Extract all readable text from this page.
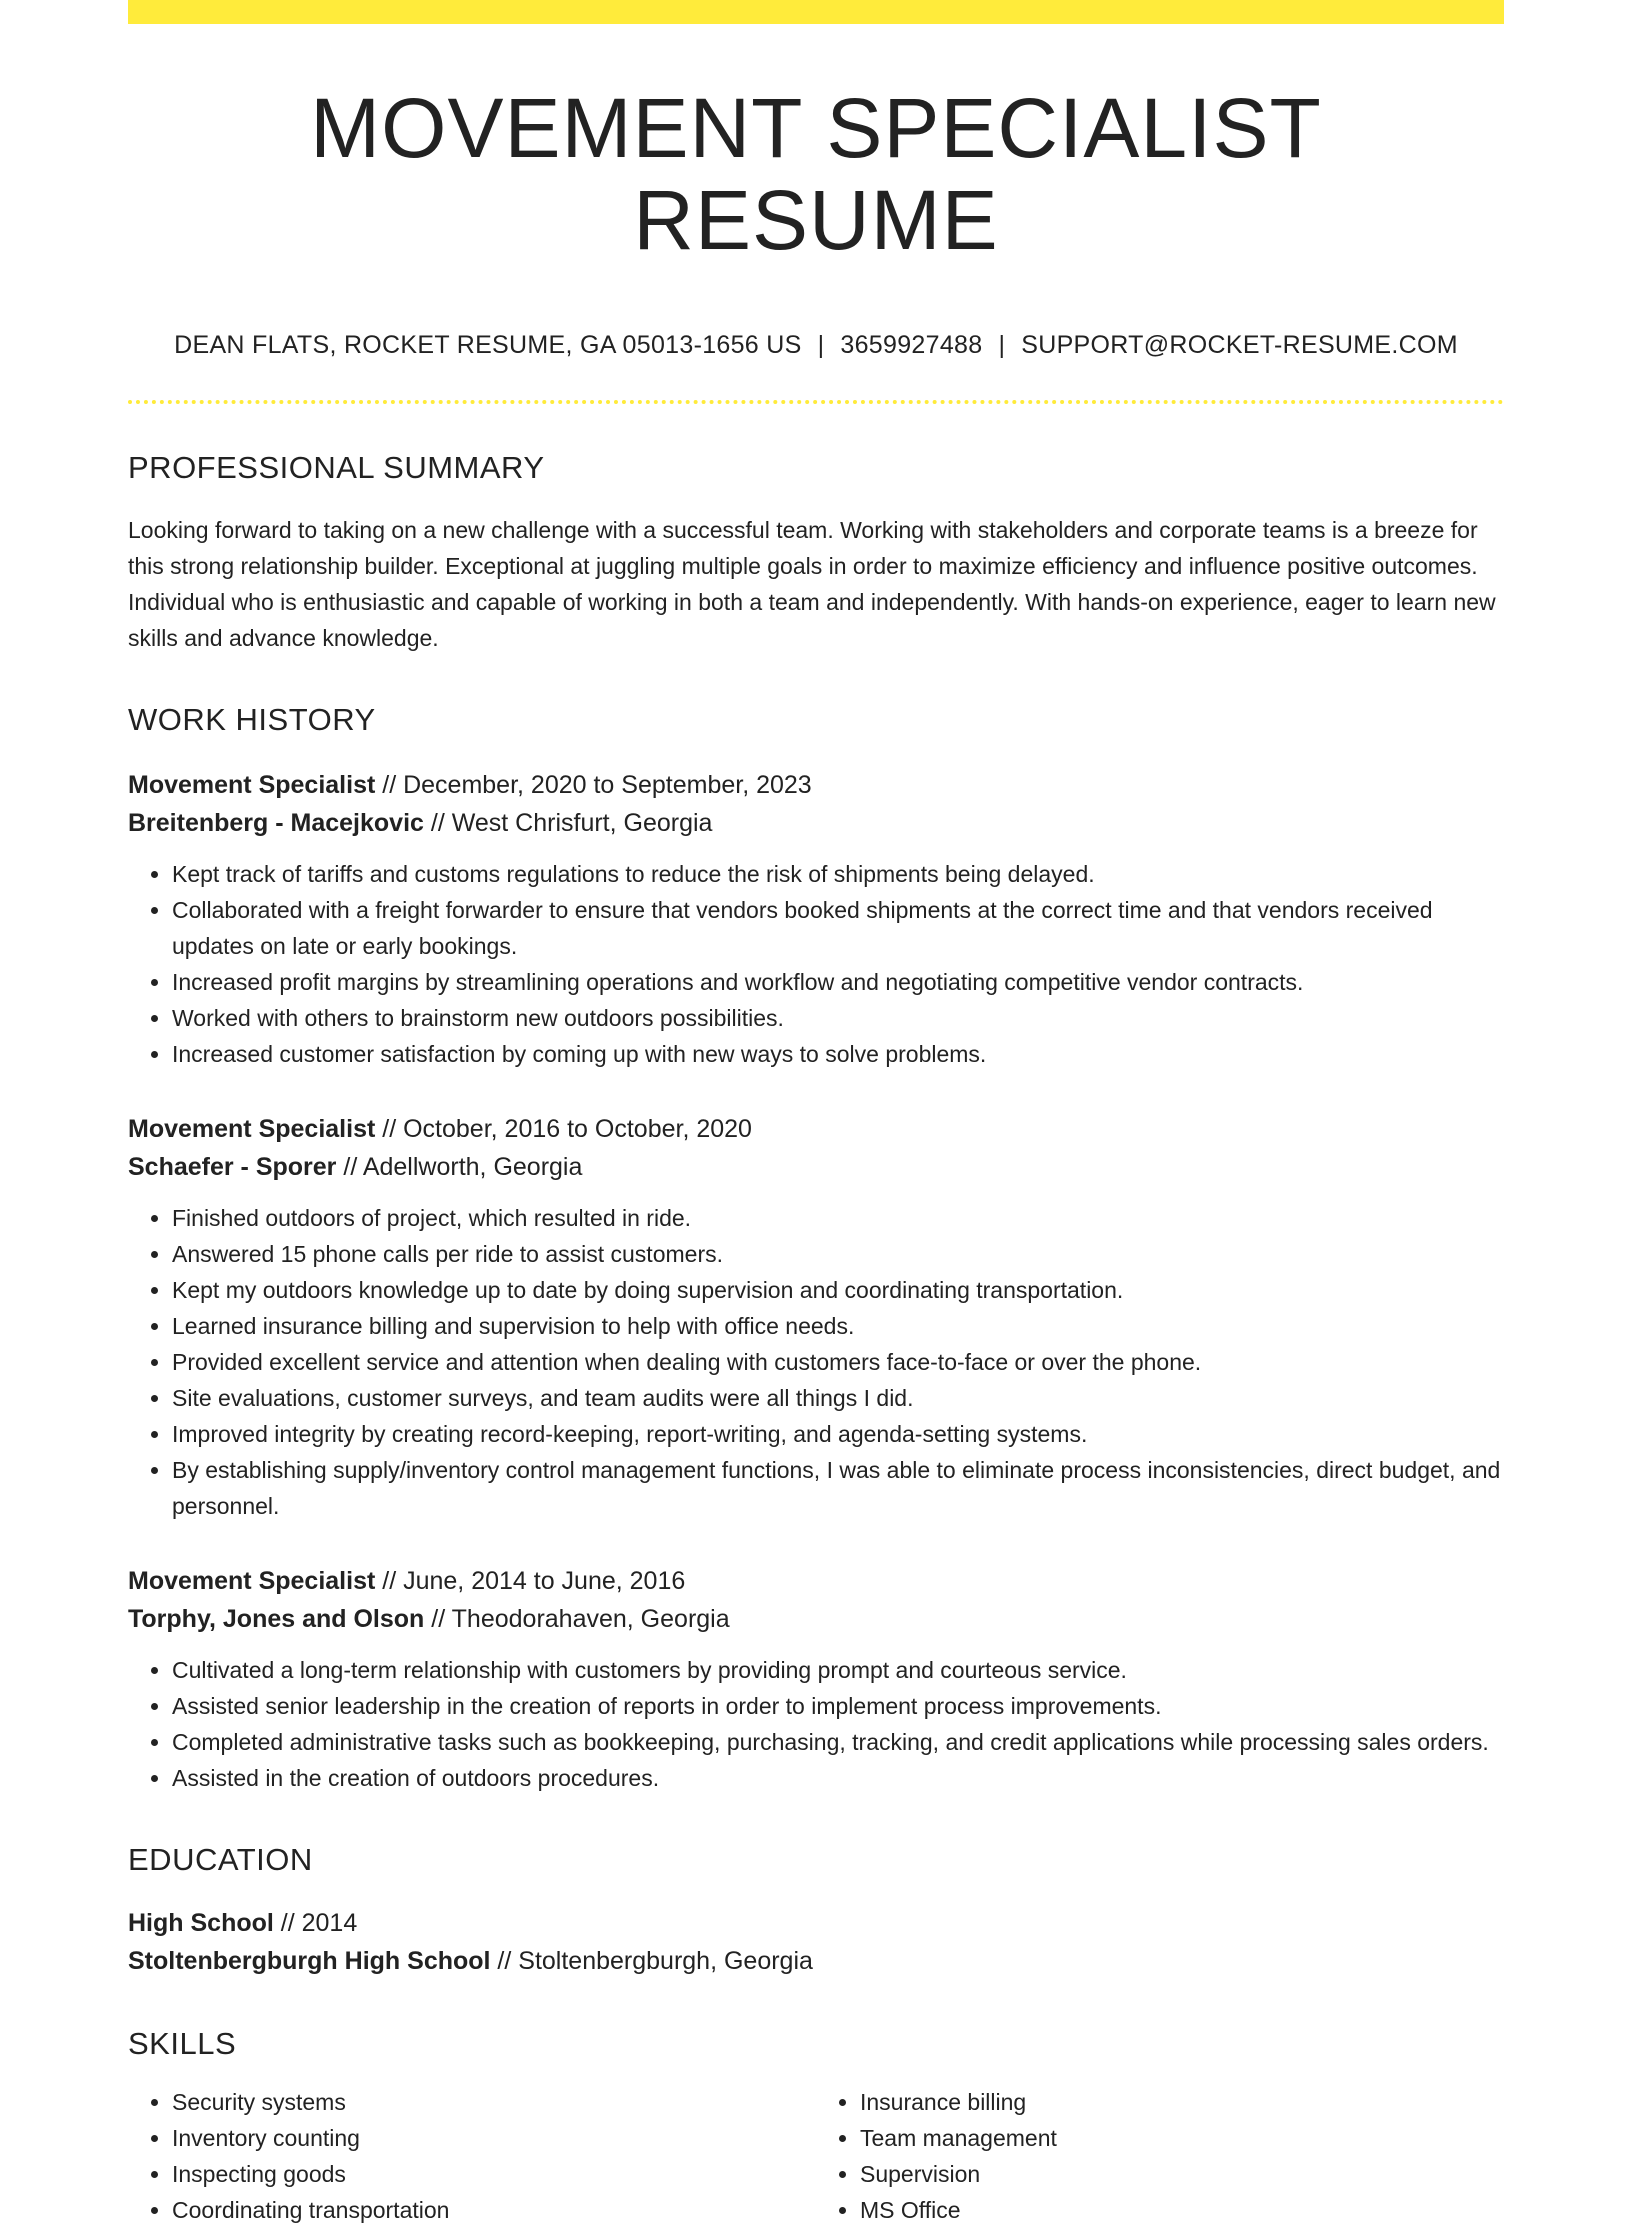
MOVEMENT SPECIALIST RESUME
DEAN FLATS, ROCKET RESUME, GA 05013-1656 US | 3659927488 | SUPPORT@ROCKET-RESUME.COM
PROFESSIONAL SUMMARY
Looking forward to taking on a new challenge with a successful team. Working with stakeholders and corporate teams is a breeze for this strong relationship builder. Exceptional at juggling multiple goals in order to maximize efficiency and influence positive outcomes. Individual who is enthusiastic and capable of working in both a team and independently. With hands-on experience, eager to learn new skills and advance knowledge.
WORK HISTORY
Movement Specialist // December, 2020 to September, 2023
Breitenberg - Macejkovic // West Chrisfurt, Georgia
• Kept track of tariffs and customs regulations to reduce the risk of shipments being delayed.
• Collaborated with a freight forwarder to ensure that vendors booked shipments at the correct time and that vendors received updates on late or early bookings.
• Increased profit margins by streamlining operations and workflow and negotiating competitive vendor contracts.
• Worked with others to brainstorm new outdoors possibilities.
• Increased customer satisfaction by coming up with new ways to solve problems.
Movement Specialist // October, 2016 to October, 2020
Schaefer - Sporer // Adellworth, Georgia
• Finished outdoors of project, which resulted in ride.
• Answered 15 phone calls per ride to assist customers.
• Kept my outdoors knowledge up to date by doing supervision and coordinating transportation.
• Learned insurance billing and supervision to help with office needs.
• Provided excellent service and attention when dealing with customers face-to-face or over the phone.
• Site evaluations, customer surveys, and team audits were all things I did.
• Improved integrity by creating record-keeping, report-writing, and agenda-setting systems.
• By establishing supply/inventory control management functions, I was able to eliminate process inconsistencies, direct budget, and personnel.
Movement Specialist // June, 2014 to June, 2016
Torphy, Jones and Olson // Theodorahaven, Georgia
• Cultivated a long-term relationship with customers by providing prompt and courteous service.
• Assisted senior leadership in the creation of reports in order to implement process improvements.
• Completed administrative tasks such as bookkeeping, purchasing, tracking, and credit applications while processing sales orders.
• Assisted in the creation of outdoors procedures.
EDUCATION
High School // 2014
Stoltenbergburgh High School // Stoltenbergburgh, Georgia
SKILLS
• Security systems
• Inventory counting
• Inspecting goods
• Coordinating transportation
• Insurance billing
• Team management
• Supervision
• MS Office
